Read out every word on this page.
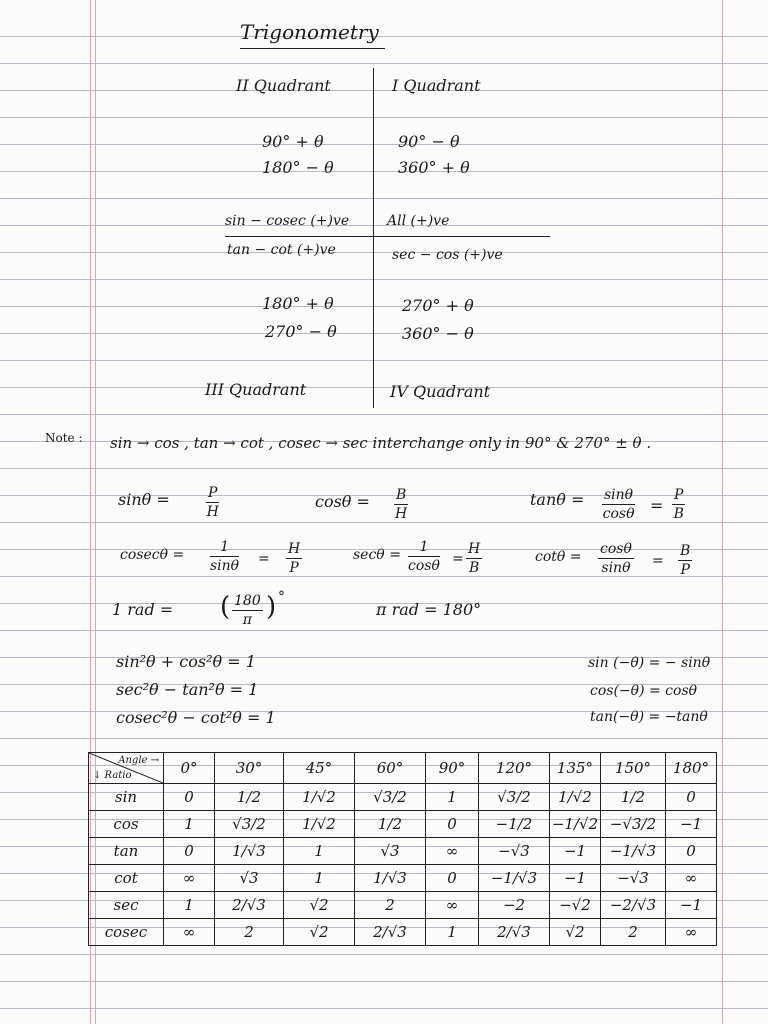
Trigonometry
II Quadrant	I Quadrant
90° + θ
180° − θ
90° − θ
360° + θ
sin − cosec (+)ve
tan − cot (+)ve
All (+)ve
sec − cos (+)ve
180° + θ
270° − θ
270° + θ
360° − θ
III Quadrant	IV Quadrant
Note : sin → cos , tan → cot , cosec → sec interchange only in 90° & 270° ± θ .
sinθ =	$\frac{P}{H}$	$\cos\theta = \frac{B}{H}$	$\tan\theta = \frac{\sin\theta}{\cos\theta} = \frac{P}{B}$
$cosec\theta = \frac{1}{\sin\theta} = \frac{H}{P}$	$\sec\theta = \frac{1}{\cos\theta} = \frac{H}{B}$	$\cot\theta = \frac{\cos\theta}{\sin\theta} = \frac{B}{P}$
1 rad = ( $\frac{180}{\pi}$ ) °
π rad = 180°
sin²θ + cos²θ = 1
sec²θ − tan²θ = 1
cosec²θ − cot²θ = 1
sin (−θ) = − sinθ
cos(−θ) = cosθ
tan(−θ) = −tanθ
Angle →
↓ Ratio	0°	30°	45°	60°	90°	120°	135°	150°	180°
sin	0	1/2	1/√2	√3/2	1	√3/2	1/√2	1/2	0
cos	1	√3/2	1/√2	1/2	0	−1/2	−1/√2	−√3/2	−1
tan	0	1/√3	1	√3	∞	−√3	−1	−1/√3	0
cot	∞	√3	1	1/√3	0	−1/√3	−1	−√3	∞
sec	1	2/√3	√2	2	∞	−2	−√2	−2/√3	−1
cosec	∞	2	√2	2/√3	1	2/√3	√2	2	∞
